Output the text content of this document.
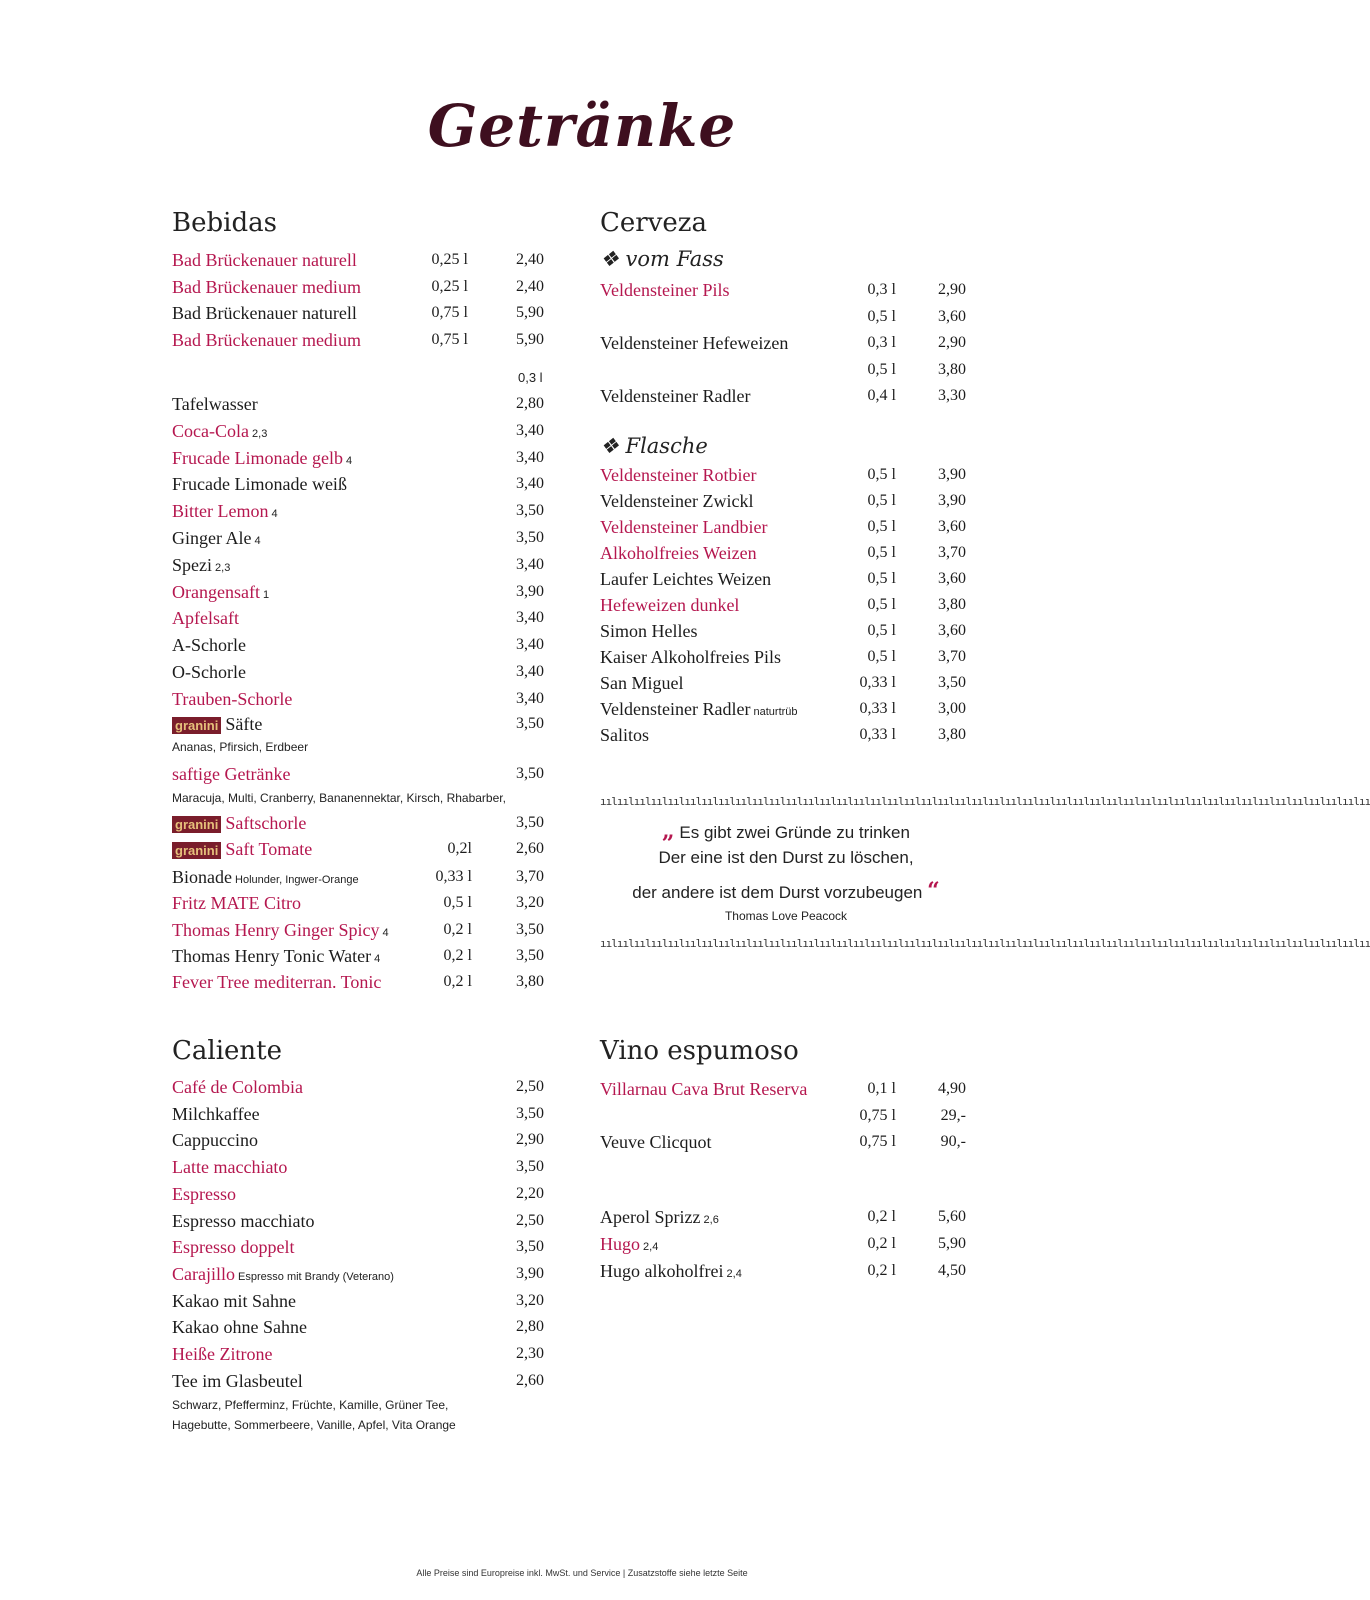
Getränke
Bebidas	Cerveza
❖ vom Fass
❖ Flasche
Caliente	Vino espumoso
0,3 l
granini Säfte	3,50
Ananas, Pfirsich, Erdbeer
saftige Getränke	3,50
Maracuja, Multi, Cranberry, Bananennektar, Kirsch, Rhabarber,
granini Saftschorle	3,50
granini Saft Tomate	0,2l	2,60
ıılıılıılıılıılıılıılıılıılıılıılıılıılıılıılıılıılıılıılıılıılıılıılıılıılıılıılıılıılıılıılıılıılıılıılıılıılıılıılıılıılıılıılıılıılıı
„ Es gibt zwei Gründe zu trinken
Der eine ist den Durst zu löschen,
der andere ist dem Durst vorzubeugen “
Thomas Love Peacock
ıılıılıılıılıılıılıılıılıılıılıılıılıılıılıılıılıılıılıılıılıılıılıılıılıılıılıılıılıılıılıılıılıılıılıılıılıılıılıılıılıılıılıılıılıılıı
Schwarz, Pfefferminz, Früchte, Kamille, Grüner Tee,
Hagebutte, Sommerbeere, Vanille, Apfel, Vita Orange
Alle Preise sind Europreise inkl. MwSt. und Service | Zusatzstoffe siehe letzte Seite
Bad Brückenauer naturell	0,25 l	2,40
Bad Brückenauer medium	0,25 l	2,40
Bad Brückenauer naturell	0,75 l	5,90
Bad Brückenauer medium	0,75 l	5,90
Tafelwasser	2,80
Coca-Cola 2,3	3,40
Frucade Limonade gelb 4	3,40
Frucade Limonade weiß	3,40
Bitter Lemon 4	3,50
Ginger Ale 4	3,50
Spezi 2,3	3,40
Orangensaft 1	3,90
Apfelsaft	3,40
A-Schorle	3,40
O-Schorle	3,40
Trauben-Schorle	3,40
Bionade Holunder, Ingwer-Orange	0,33 l	3,70
Fritz MATE Citro	0,5 l	3,20
Thomas Henry Ginger Spicy 4	0,2 l	3,50
Thomas Henry Tonic Water 4	0,2 l	3,50
Fever Tree mediterran. Tonic	0,2 l	3,80
Veldensteiner Pils	0,3 l	2,90
0,5 l	3,60
Veldensteiner Hefeweizen	0,3 l	2,90
0,5 l	3,80
Veldensteiner Radler	0,4 l	3,30
Veldensteiner Rotbier	0,5 l	3,90
Veldensteiner Zwickl	0,5 l	3,90
Veldensteiner Landbier	0,5 l	3,60
Alkoholfreies Weizen	0,5 l	3,70
Laufer Leichtes Weizen	0,5 l	3,60
Hefeweizen dunkel	0,5 l	3,80
Simon Helles	0,5 l	3,60
Kaiser Alkoholfreies Pils	0,5 l	3,70
San Miguel	0,33 l	3,50
Veldensteiner Radler naturtrüb	0,33 l	3,00
Salitos	0,33 l	3,80
Café de Colombia	2,50
Milchkaffee	3,50
Cappuccino	2,90
Latte macchiato	3,50
Espresso	2,20
Espresso macchiato	2,50
Espresso doppelt	3,50
Carajillo Espresso mit Brandy (Veterano)	3,90
Kakao mit Sahne	3,20
Kakao ohne Sahne	2,80
Heiße Zitrone	2,30
Tee im Glasbeutel	2,60
Villarnau Cava Brut Reserva	0,1 l	4,90
0,75 l	29,-
Veuve Clicquot	0,75 l	90,-
Aperol Sprizz 2,6	0,2 l	5,60
Hugo 2,4	0,2 l	5,90
Hugo alkoholfrei 2,4	0,2 l	4,50
